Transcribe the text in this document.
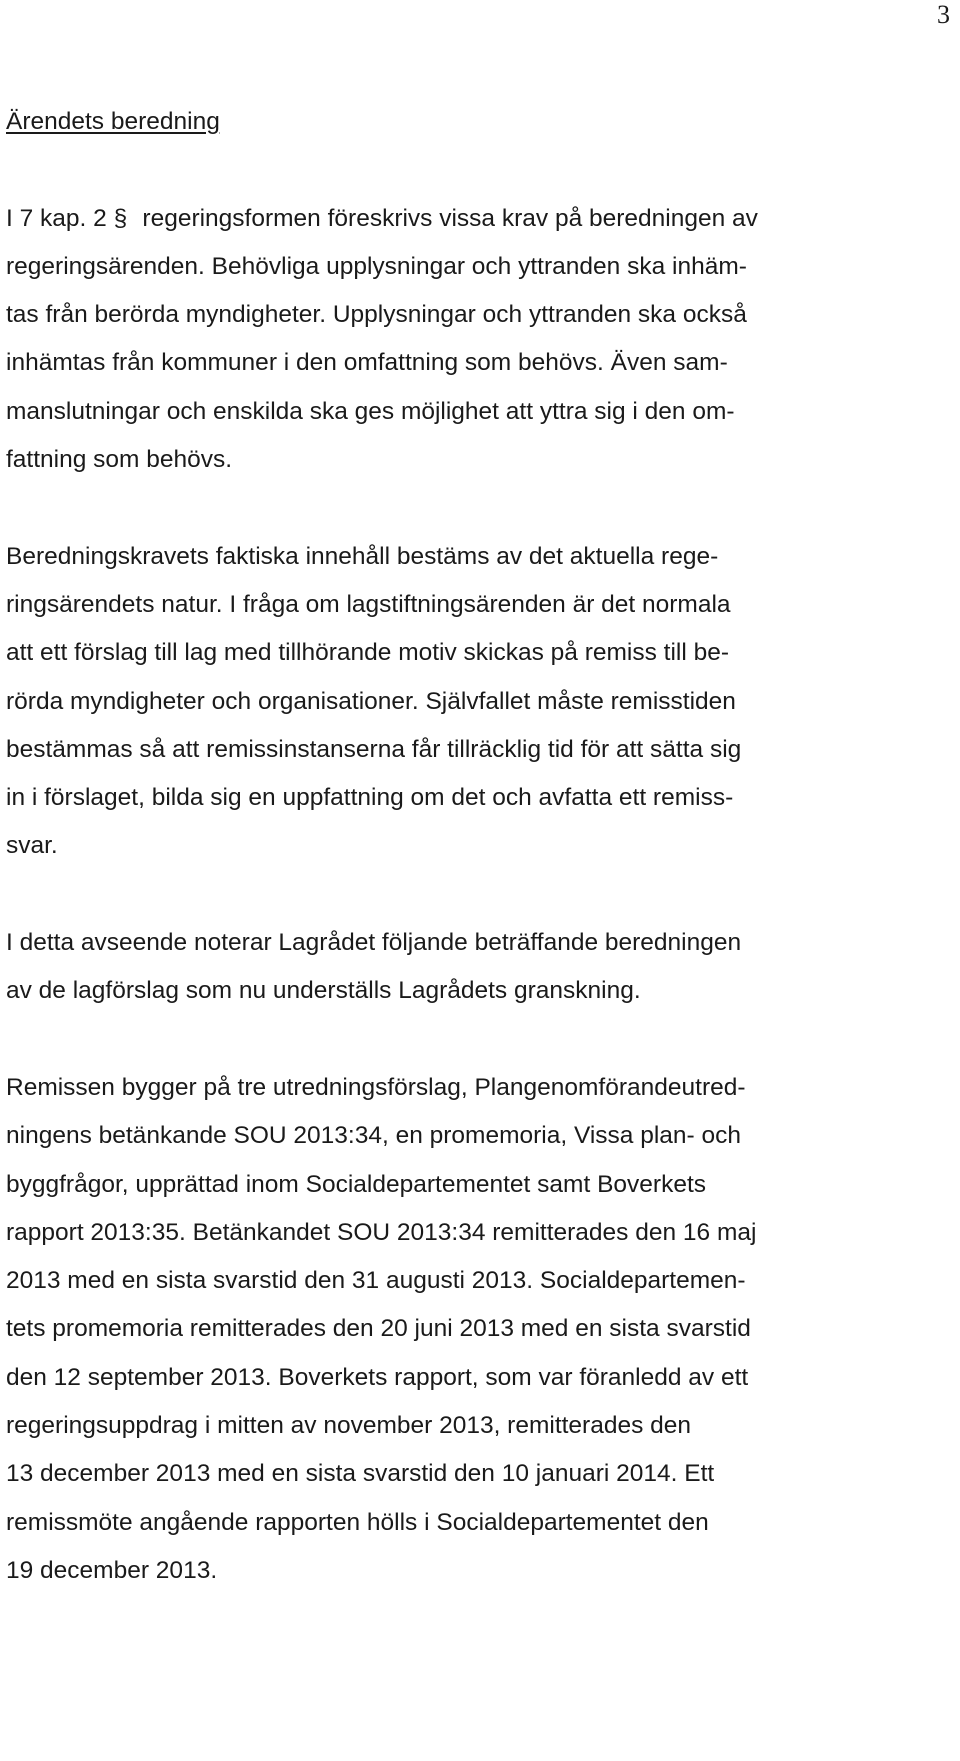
3
Ärendets beredning
I 7 kap. 2 § regeringsformen föreskrivs vissa krav på beredningen av
regeringsärenden. Behövliga upplysningar och yttranden ska inhäm-
tas från berörda myndigheter. Upplysningar och yttranden ska också
inhämtas från kommuner i den omfattning som behövs. Även sam-
manslutningar och enskilda ska ges möjlighet att yttra sig i den om-
fattning som behövs.
Beredningskravets faktiska innehåll bestäms av det aktuella rege-
ringsärendets natur. I fråga om lagstiftningsärenden är det normala
att ett förslag till lag med tillhörande motiv skickas på remiss till be-
rörda myndigheter och organisationer. Självfallet måste remisstiden
bestämmas så att remissinstanserna får tillräcklig tid för att sätta sig
in i förslaget, bilda sig en uppfattning om det och avfatta ett remiss-
svar.
I detta avseende noterar Lagrådet följande beträffande beredningen
av de lagförslag som nu underställs Lagrådets granskning.
Remissen bygger på tre utredningsförslag, Plangenomförandeutred-
ningens betänkande SOU 2013:34, en promemoria, Vissa plan- och
byggfrågor, upprättad inom Socialdepartementet samt Boverkets
rapport 2013:35. Betänkandet SOU 2013:34 remitterades den 16 maj
2013 med en sista svarstid den 31 augusti 2013. Socialdepartemen-
tets promemoria remitterades den 20 juni 2013 med en sista svarstid
den 12 september 2013. Boverkets rapport, som var föranledd av ett
regeringsuppdrag i mitten av november 2013, remitterades den
13 december 2013 med en sista svarstid den 10 januari 2014. Ett
remissmöte angående rapporten hölls i Socialdepartementet den
19 december 2013.
